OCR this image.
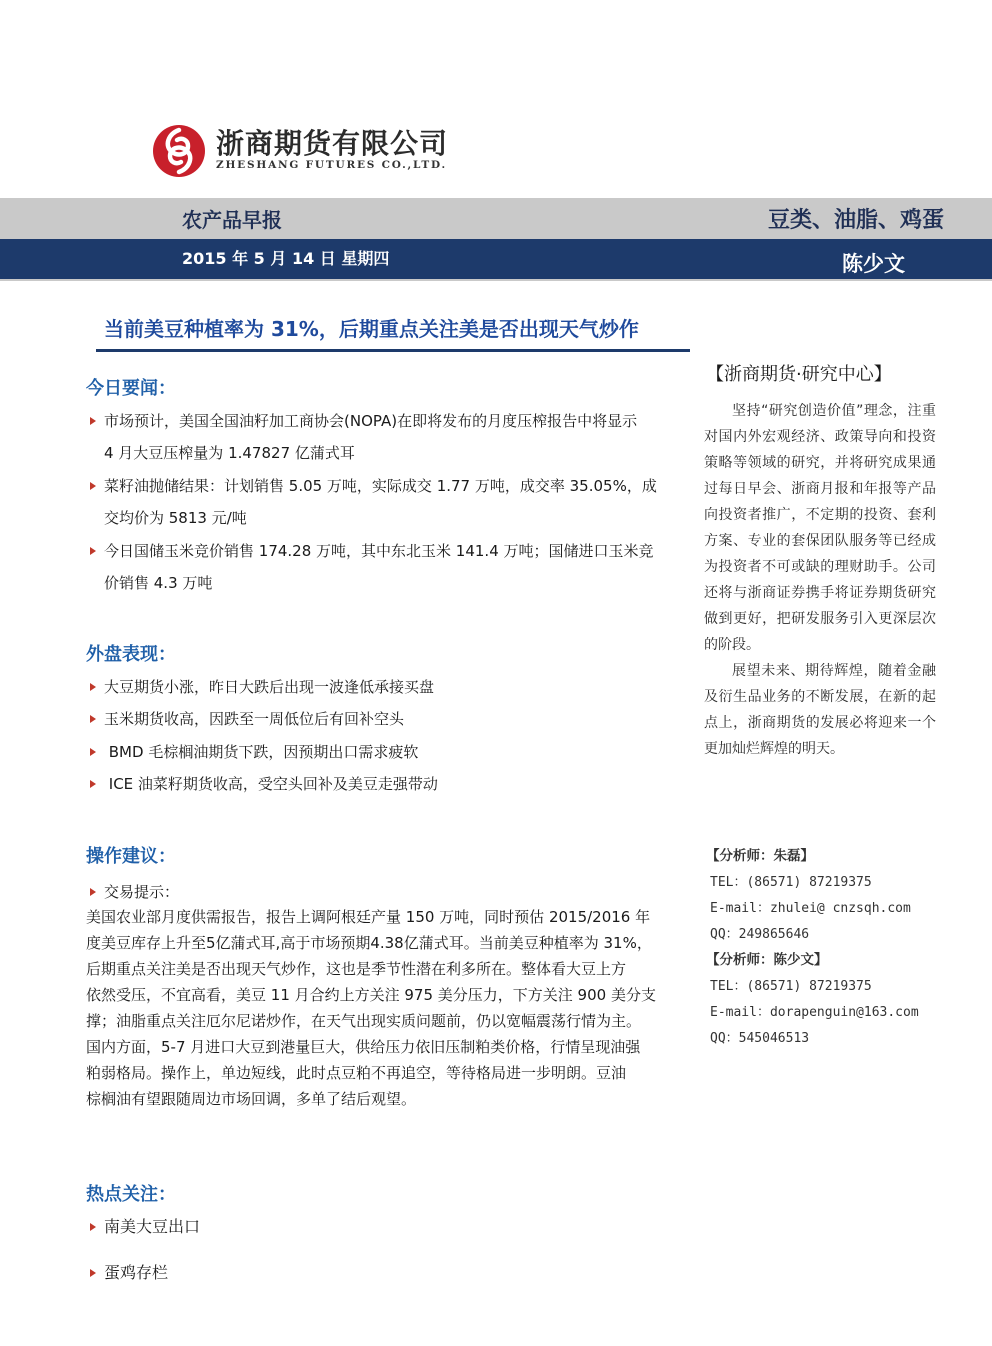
浙商期货有限公司
ZHESHANG FUTURES CO.,LTD.
农产品早报	豆类、油脂、鸡蛋
2015 年 5 月 14 日 星期四	陈少文
当前美豆种植率为 31%，后期重点关注美是否出现天气炒作
今日要闻：
市场预计，美国全国油籽加工商协会(NOPA)在即将发布的月度压榨报告中将显示
4 月大豆压榨量为 1.47827 亿蒲式耳
菜籽油抛储结果：计划销售 5.05 万吨，实际成交 1.77 万吨，成交率 35.05%，成
交均价为 5813 元/吨
今日国储玉米竞价销售 174.28 万吨，其中东北玉米 141.4 万吨；国储进口玉米竞
价销售 4.3 万吨
外盘表现：
大豆期货小涨，昨日大跌后出现一波逢低承接买盘
玉米期货收高，因跌至一周低位后有回补空头
BMD 毛棕榈油期货下跌，因预期出口需求疲软
ICE 油菜籽期货收高，受空头回补及美豆走强带动
操作建议：
交易提示：
美国农业部月度供需报告，报告上调阿根廷产量 150 万吨，同时预估 2015/2016 年
度美豆库存上升至5亿蒲式耳,高于市场预期4.38亿蒲式耳。当前美豆种植率为 31%，
后期重点关注美是否出现天气炒作，这也是季节性潜在利多所在。整体看大豆上方
依然受压，不宜高看，美豆 11 月合约上方关注 975 美分压力，下方关注 900 美分支
撑；油脂重点关注厄尔尼诺炒作，在天气出现实质问题前，仍以宽幅震荡行情为主。
国内方面，5-7 月进口大豆到港量巨大，供给压力依旧压制粕类价格，行情呈现油强
粕弱格局。操作上，单边短线，此时点豆粕不再追空，等待格局进一步明朗。豆油
棕榈油有望跟随周边市场回调，多单了结后观望。
热点关注：
南美大豆出口
蛋鸡存栏
【浙商期货·研究中心】
坚持“研究创造价值”理念，注重对国内外宏观经济、政策导向和投资策略等领域的研究，并将研究成果通过每日早会、浙商月报和年报等产品向投资者推广，不定期的投资、套利方案、专业的套保团队服务等已经成为投资者不可或缺的理财助手。公司还将与浙商证券携手将证券期货研究做到更好，把研发服务引入更深层次的阶段。
展望未来、期待辉煌，随着金融及衍生品业务的不断发展，在新的起点上，浙商期货的发展必将迎来一个更加灿烂辉煌的明天。
【分析师：朱磊】
TEL：(86571) 87219375
E-mail：zhulei@ cnzsqh.com
QQ：249865646
【分析师：陈少文】
TEL：(86571) 87219375
E-mail：dorapenguin@163.com
QQ：545046513
